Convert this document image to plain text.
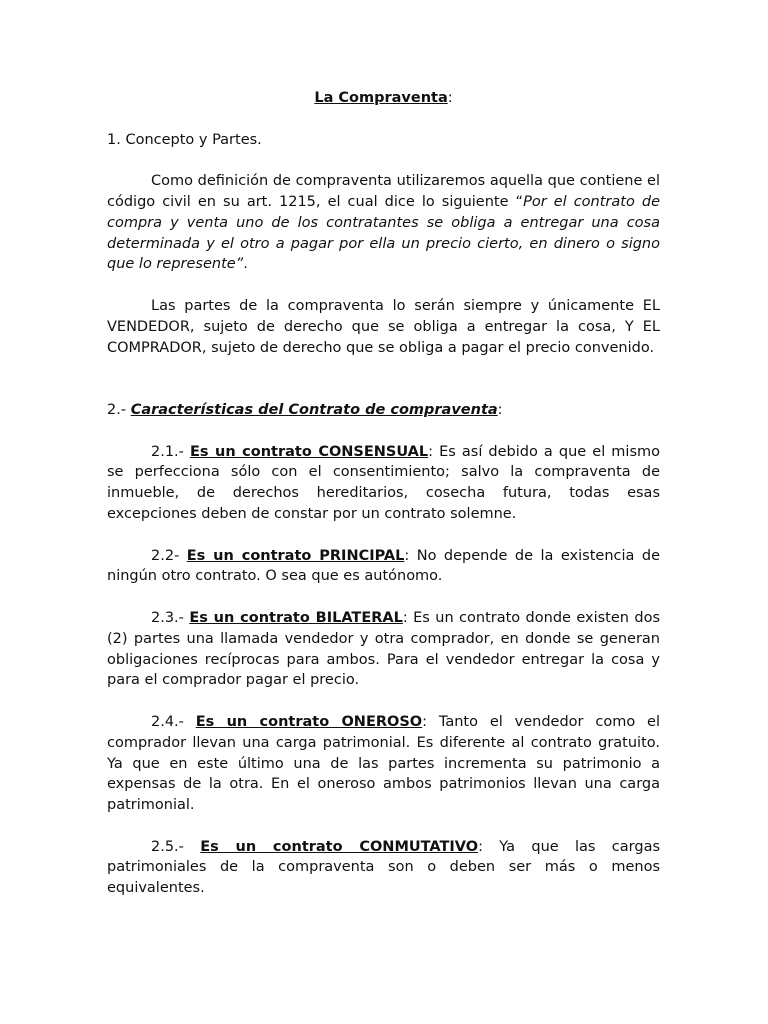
La Compraventa:

1. Concepto y Partes.

Como definición de compraventa utilizaremos aquella que contiene el código civil en su art. 1215, el cual dice lo siguiente “Por el contrato de compra y venta uno de los contratantes se obliga a entregar una cosa determinada y el otro a pagar por ella un precio cierto, en dinero o signo que lo represente”.

Las partes de la compraventa lo serán siempre y únicamente EL VENDEDOR, sujeto de derecho que se obliga a entregar la cosa, Y EL COMPRADOR, sujeto de derecho que se obliga a pagar el precio convenido.

2.- Características del Contrato de compraventa:

2.1.- Es un contrato CONSENSUAL: Es así debido a que el mismo se perfecciona sólo con el consentimiento; salvo la compraventa de inmueble, de derechos hereditarios, cosecha futura, todas esas excepciones deben de constar por un contrato solemne.

2.2- Es un contrato PRINCIPAL: No depende de la existencia de ningún otro contrato. O sea que es autónomo.

2.3.- Es un contrato BILATERAL: Es un contrato donde existen dos (2) partes una llamada vendedor y otra comprador, en donde se generan obligaciones recíprocas para ambos. Para el vendedor entregar la cosa y para el comprador pagar el precio.

2.4.- Es un contrato ONEROSO: Tanto el vendedor como el comprador llevan una carga patrimonial. Es diferente al contrato gratuito. Ya que en este último una de las partes incrementa su patrimonio a expensas de la otra. En el oneroso ambos patrimonios llevan una carga patrimonial.

2.5.- Es un contrato CONMUTATIVO: Ya que las cargas patrimoniales de la compraventa son o deben ser más o menos equivalentes.
